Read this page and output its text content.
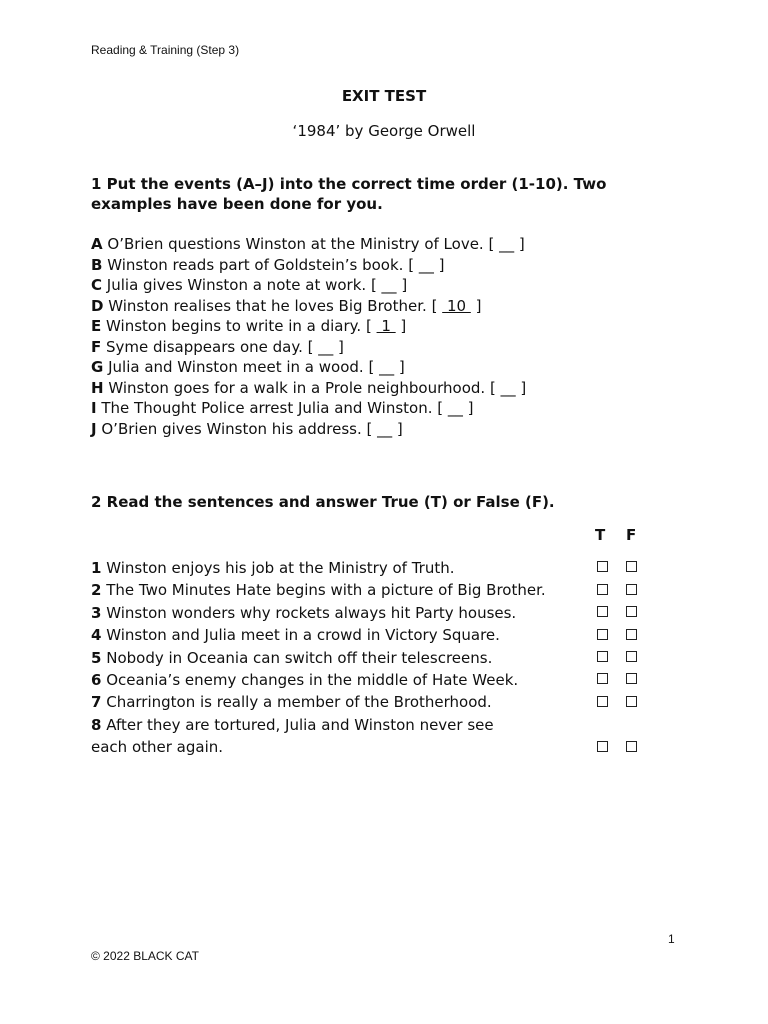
Reading & Training (Step 3)
EXIT TEST
‘1984’ by George Orwell
1 Put the events (A–J) into the correct time order (1-10). Two
examples have been done for you.
A O’Brien questions Winston at the Ministry of Love. [ __ ]
B Winston reads part of Goldstein’s book. [ __ ]
C Julia gives Winston a note at work. [ __ ]
D Winston realises that he loves Big Brother. [  10  ]
E Winston begins to write in a diary. [  1  ]
F Syme disappears one day. [ __ ]
G Julia and Winston meet in a wood. [ __ ]
H Winston goes for a walk in a Prole neighbourhood. [ __ ]
I The Thought Police arrest Julia and Winston. [ __ ]
J O’Brien gives Winston his address. [ __ ]
2 Read the sentences and answer True (T) or False (F).
T F
1 Winston enjoys his job at the Ministry of Truth.
2 The Two Minutes Hate begins with a picture of Big Brother.
3 Winston wonders why rockets always hit Party houses.
4 Winston and Julia meet in a crowd in Victory Square.
5 Nobody in Oceania can switch off their telescreens.
6 Oceania’s enemy changes in the middle of Hate Week.
7 Charrington is really a member of the Brotherhood.
8 After they are tortured, Julia and Winston never see
each other again.
1
© 2022 BLACK CAT
